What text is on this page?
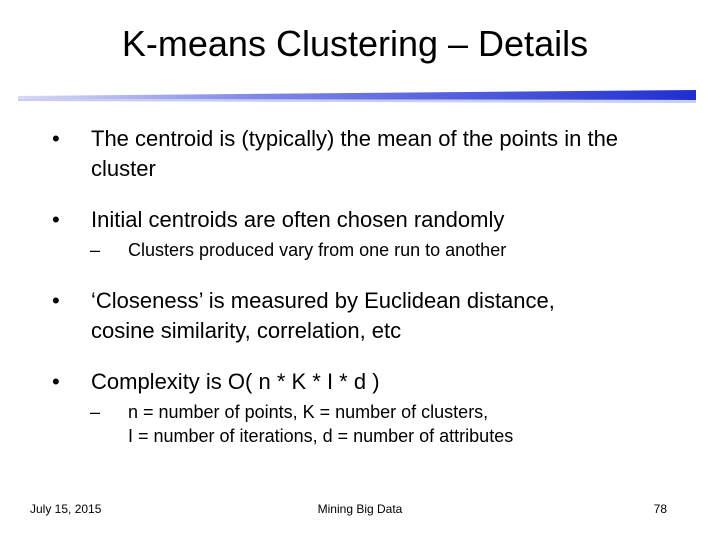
K-means Clustering – Details
• The centroid is (typically) the mean of the points in the
cluster
• Initial centroids are often chosen randomly
– Clusters produced vary from one run to another
• ‘Closeness’ is measured by Euclidean distance,
cosine similarity, correlation, etc
• Complexity is O( n * K * I * d )
– n = number of points, K = number of clusters,
I = number of iterations, d = number of attributes
July 15, 2015	Mining Big Data	78
